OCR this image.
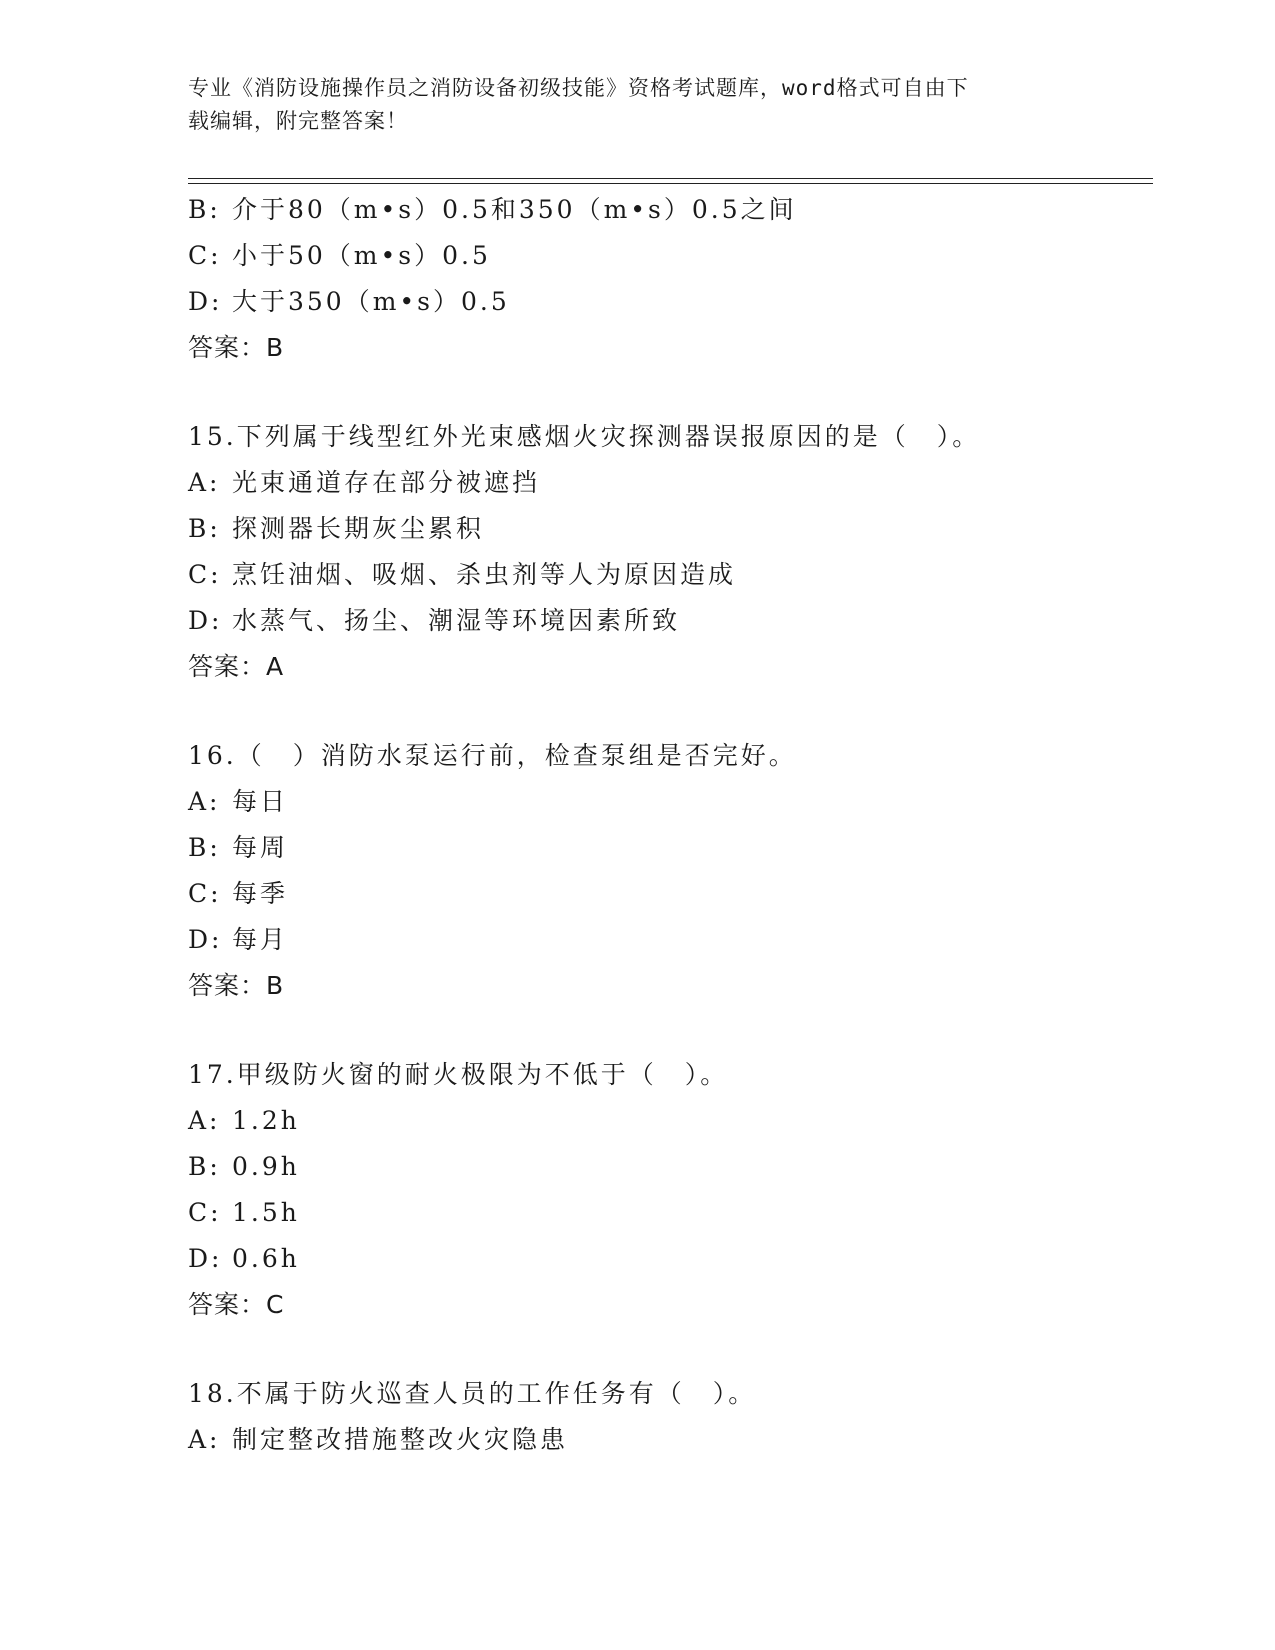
专业《消防设施操作员之消防设备初级技能》资格考试题库，word格式可自由下
载编辑，附完整答案！
B: 介于80（m•s）0.5和350（m•s）0.5之间
C: 小于50（m•s）0.5
D: 大于350（m•s）0.5
答案：B
15.下列属于线型红外光束感烟火灾探测器误报原因的是（　）。
A: 光束通道存在部分被遮挡
B: 探测器长期灰尘累积
C: 烹饪油烟、吸烟、杀虫剂等人为原因造成
D: 水蒸气、扬尘、潮湿等环境因素所致
答案：A
16.（　）消防水泵运行前，检查泵组是否完好。
A: 每日
B: 每周
C: 每季
D: 每月
答案：B
17.甲级防火窗的耐火极限为不低于（　）。
A: 1.2h
B: 0.9h
C: 1.5h
D: 0.6h
答案：C
18.不属于防火巡查人员的工作任务有（　）。
A: 制定整改措施整改火灾隐患
